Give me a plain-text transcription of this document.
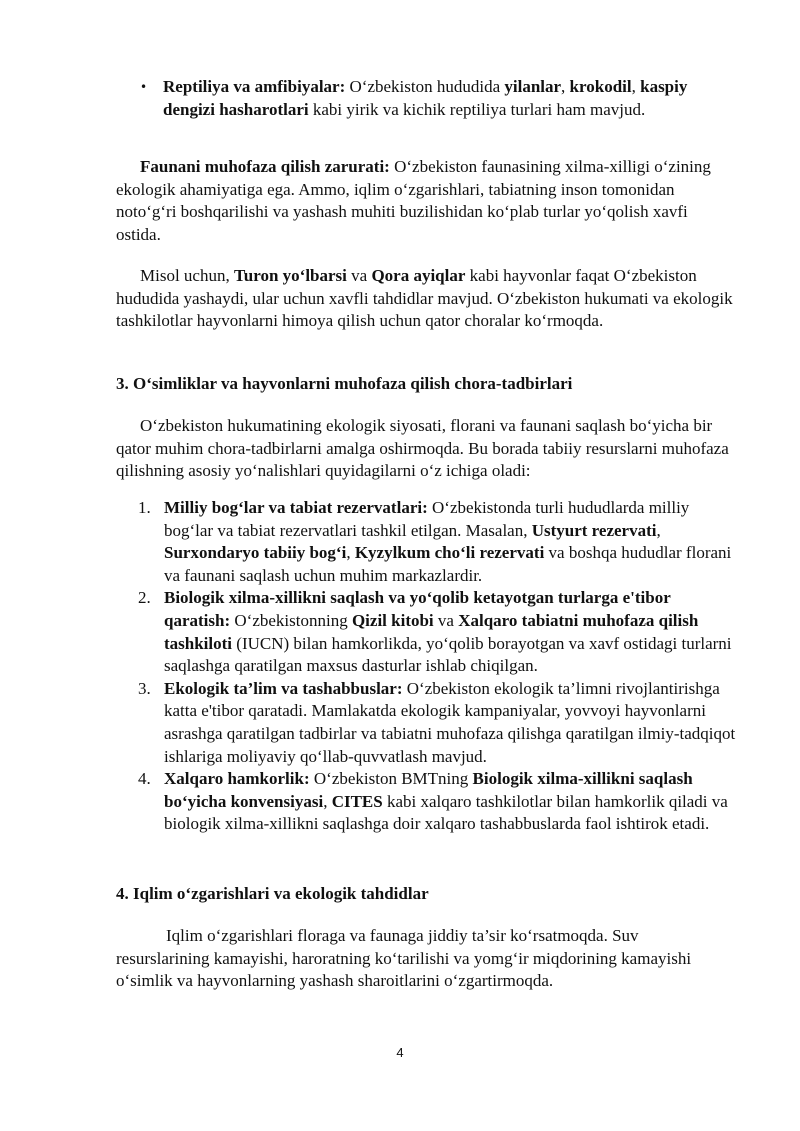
• Reptiliya va amfibiyalar: O‘zbekiston hududida yilanlar, krokodil, kaspiy dengizi hasharotlari kabi yirik va kichik reptiliya turlari ham mavjud.
Faunani muhofaza qilish zarurati: O‘zbekiston faunasining xilma-xilligi o‘zining ekologik ahamiyatiga ega. Ammo, iqlim o‘zgarishlari, tabiatning inson tomonidan noto‘g‘ri boshqarilishi va yashash muhiti buzilishidan ko‘plab turlar yo‘qolish xavfi ostida.
Misol uchun, Turon yo‘lbarsi va Qora ayiqlar kabi hayvonlar faqat O‘zbekiston hududida yashaydi, ular uchun xavfli tahdidlar mavjud. O‘zbekiston hukumati va ekologik tashkilotlar hayvonlarni himoya qilish uchun qator choralar ko‘rmoqda.
3. O‘simliklar va hayvonlarni muhofaza qilish chora-tadbirlari
O‘zbekiston hukumatining ekologik siyosati, florani va faunani saqlash bo‘yicha bir qator muhim chora-tadbirlarni amalga oshirmoqda. Bu borada tabiiy resurslarni muhofaza qilishning asosiy yo‘nalishlari quyidagilarni o‘z ichiga oladi:
1. Milliy bog‘lar va tabiat rezervatlari: O‘zbekistonda turli hududlarda milliy bog‘lar va tabiat rezervatlari tashkil etilgan. Masalan, Ustyurt rezervati, Surxondaryo tabiiy bog‘i, Kyzylkum cho‘li rezervati va boshqa hududlar florani va faunani saqlash uchun muhim markazlardir.
2. Biologik xilma-xillikni saqlash va yo‘qolib ketayotgan turlarga e'tibor qaratish: O‘zbekistonning Qizil kitobi va Xalqaro tabiatni muhofaza qilish tashkiloti (IUCN) bilan hamkorlikda, yo‘qolib borayotgan va xavf ostidagi turlarni saqlashga qaratilgan maxsus dasturlar ishlab chiqilgan.
3. Ekologik ta’lim va tashabbuslar: O‘zbekiston ekologik ta’limni rivojlantirishga katta e'tibor qaratadi. Mamlakatda ekologik kampaniyalar, yovvoyi hayvonlarni asrashga qaratilgan tadbirlar va tabiatni muhofaza qilishga qaratilgan ilmiy-tadqiqot ishlariga moliyaviy qo‘llab-quvvatlash mavjud.
4. Xalqaro hamkorlik: O‘zbekiston BMTning Biologik xilma-xillikni saqlash bo‘yicha konvensiyasi, CITES kabi xalqaro tashkilotlar bilan hamkorlik qiladi va biologik xilma-xillikni saqlashga doir xalqaro tashabbuslarda faol ishtirok etadi.
4. Iqlim o‘zgarishlari va ekologik tahdidlar
Iqlim o‘zgarishlari floraga va faunaga jiddiy ta’sir ko‘rsatmoqda. Suv resurslarining kamayishi, haroratning ko‘tarilishi va yomg‘ir miqdorining kamayishi o‘simlik va hayvonlarning yashash sharoitlarini o‘zgartirmoqda.
4
